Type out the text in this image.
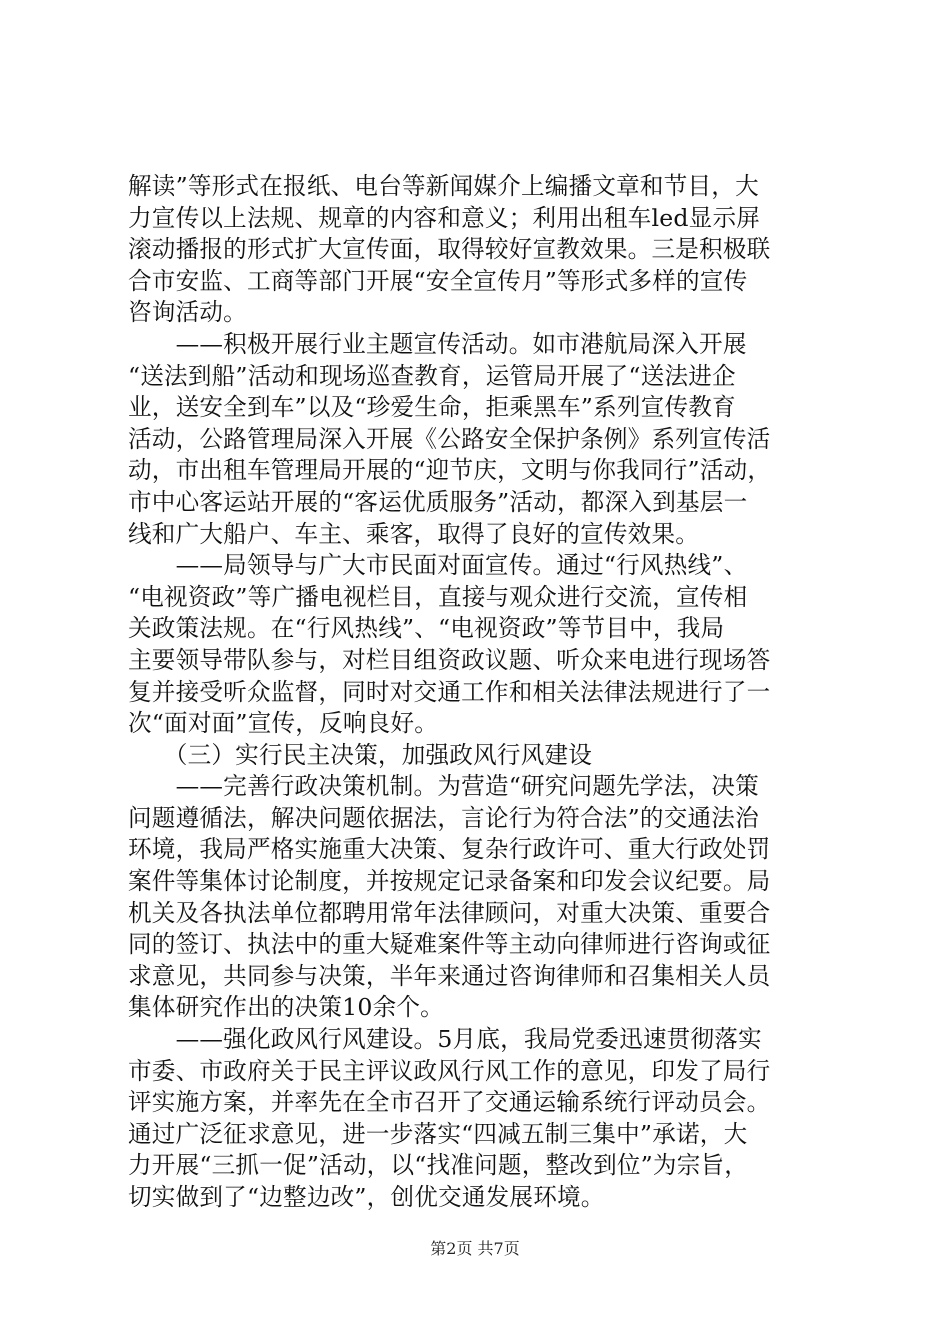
解读”等形式在报纸、电台等新闻媒介上编播文章和节目，大
力宣传以上法规、规章的内容和意义；利用出租车led显示屏
滚动播报的形式扩大宣传面，取得较好宣教效果。三是积极联
合市安监、工商等部门开展“安全宣传月”等形式多样的宣传
咨询活动。
　　——积极开展行业主题宣传活动。如市港航局深入开展
“送法到船”活动和现场巡查教育，运管局开展了“送法进企
业，送安全到车”以及“珍爱生命，拒乘黑车”系列宣传教育
活动，公路管理局深入开展《公路安全保护条例》系列宣传活
动，市出租车管理局开展的“迎节庆，文明与你我同行”活动，
市中心客运站开展的“客运优质服务”活动，都深入到基层一
线和广大船户、车主、乘客，取得了良好的宣传效果。
　　——局领导与广大市民面对面宣传。通过“行风热线”、
“电视资政”等广播电视栏目，直接与观众进行交流，宣传相
关政策法规。在“行风热线”、“电视资政”等节目中，我局
主要领导带队参与，对栏目组资政议题、听众来电进行现场答
复并接受听众监督，同时对交通工作和相关法律法规进行了一
次“面对面”宣传，反响良好。
　　（三）实行民主决策，加强政风行风建设
　　——完善行政决策机制。为营造“研究问题先学法，决策
问题遵循法，解决问题依据法，言论行为符合法”的交通法治
环境，我局严格实施重大决策、复杂行政许可、重大行政处罚
案件等集体讨论制度，并按规定记录备案和印发会议纪要。局
机关及各执法单位都聘用常年法律顾问，对重大决策、重要合
同的签订、执法中的重大疑难案件等主动向律师进行咨询或征
求意见，共同参与决策，半年来通过咨询律师和召集相关人员
集体研究作出的决策10余个。
　　——强化政风行风建设。5月底，我局党委迅速贯彻落实
市委、市政府关于民主评议政风行风工作的意见，印发了局行
评实施方案，并率先在全市召开了交通运输系统行评动员会。
通过广泛征求意见，进一步落实“四减五制三集中”承诺，大
力开展“三抓一促”活动，以“找准问题，整改到位”为宗旨，
切实做到了“边整边改”，创优交通发展环境。
第2页 共7页
